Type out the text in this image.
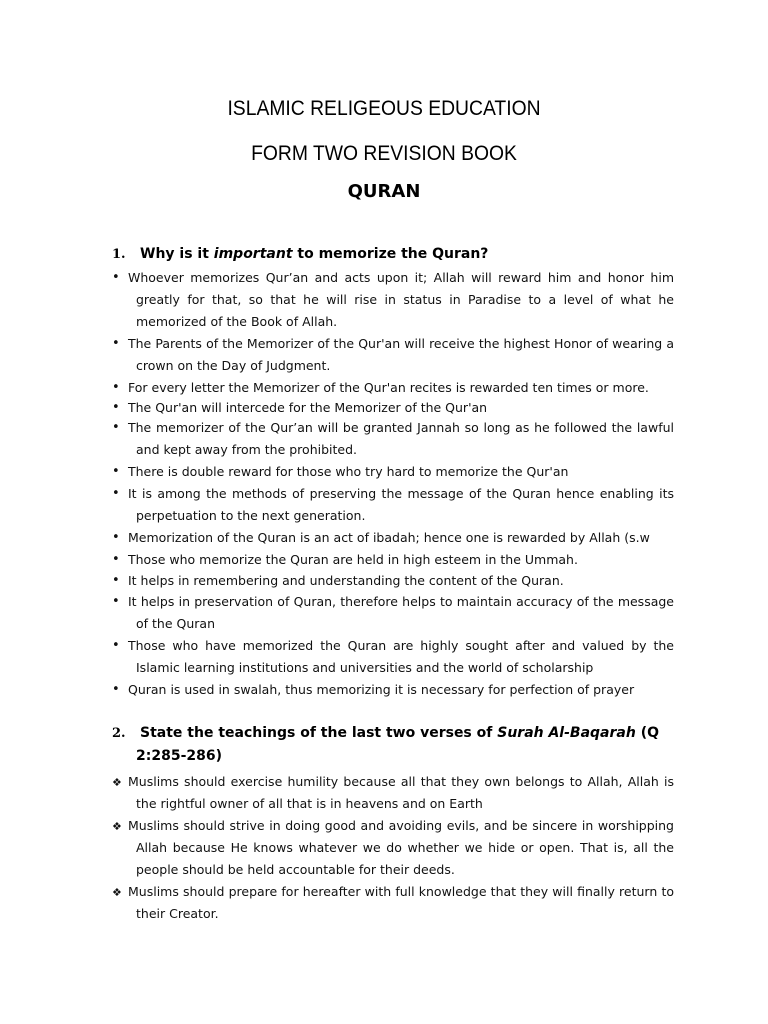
ISLAMIC RELIGEOUS EDUCATION
FORM TWO REVISION BOOK
QURAN
1. Why is it important to memorize the Quran?
• Whoever memorizes Qur’an and acts upon it; Allah will reward him and honor him greatly for that, so that he will rise in status in Paradise to a level of what he memorized of the Book of Allah.
• The Parents of the Memorizer of the Qur'an will receive the highest Honor of wearing a crown on the Day of Judgment.
• For every letter the Memorizer of the Qur'an recites is rewarded ten times or more.
• The Qur'an will intercede for the Memorizer of the Qur'an
• The memorizer of the Qur’an will be granted Jannah so long as he followed the lawful and kept away from the prohibited.
• There is double reward for those who try hard to memorize the Qur'an
• It is among the methods of preserving the message of the Quran hence enabling its perpetuation to the next generation.
• Memorization of the Quran is an act of ibadah; hence one is rewarded by Allah (s.w
• Those who memorize the Quran are held in high esteem in the Ummah.
• It helps in remembering and understanding the content of the Quran.
• It helps in preservation of Quran, therefore helps to maintain accuracy of the message of the Quran
• Those who have memorized the Quran are highly sought after and valued by the Islamic learning institutions and universities and the world of scholarship
• Quran is used in swalah, thus memorizing it is necessary for perfection of prayer
2. State the teachings of the last two verses of Surah Al-Baqarah (Q
2:285-286)
❖ Muslims should exercise humility because all that they own belongs to Allah, Allah is the rightful owner of all that is in heavens and on Earth
❖ Muslims should strive in doing good and avoiding evils, and be sincere in worshipping Allah because He knows whatever we do whether we hide or open. That is, all the people should be held accountable for their deeds.
❖ Muslims should prepare for hereafter with full knowledge that they will finally return to their Creator.
